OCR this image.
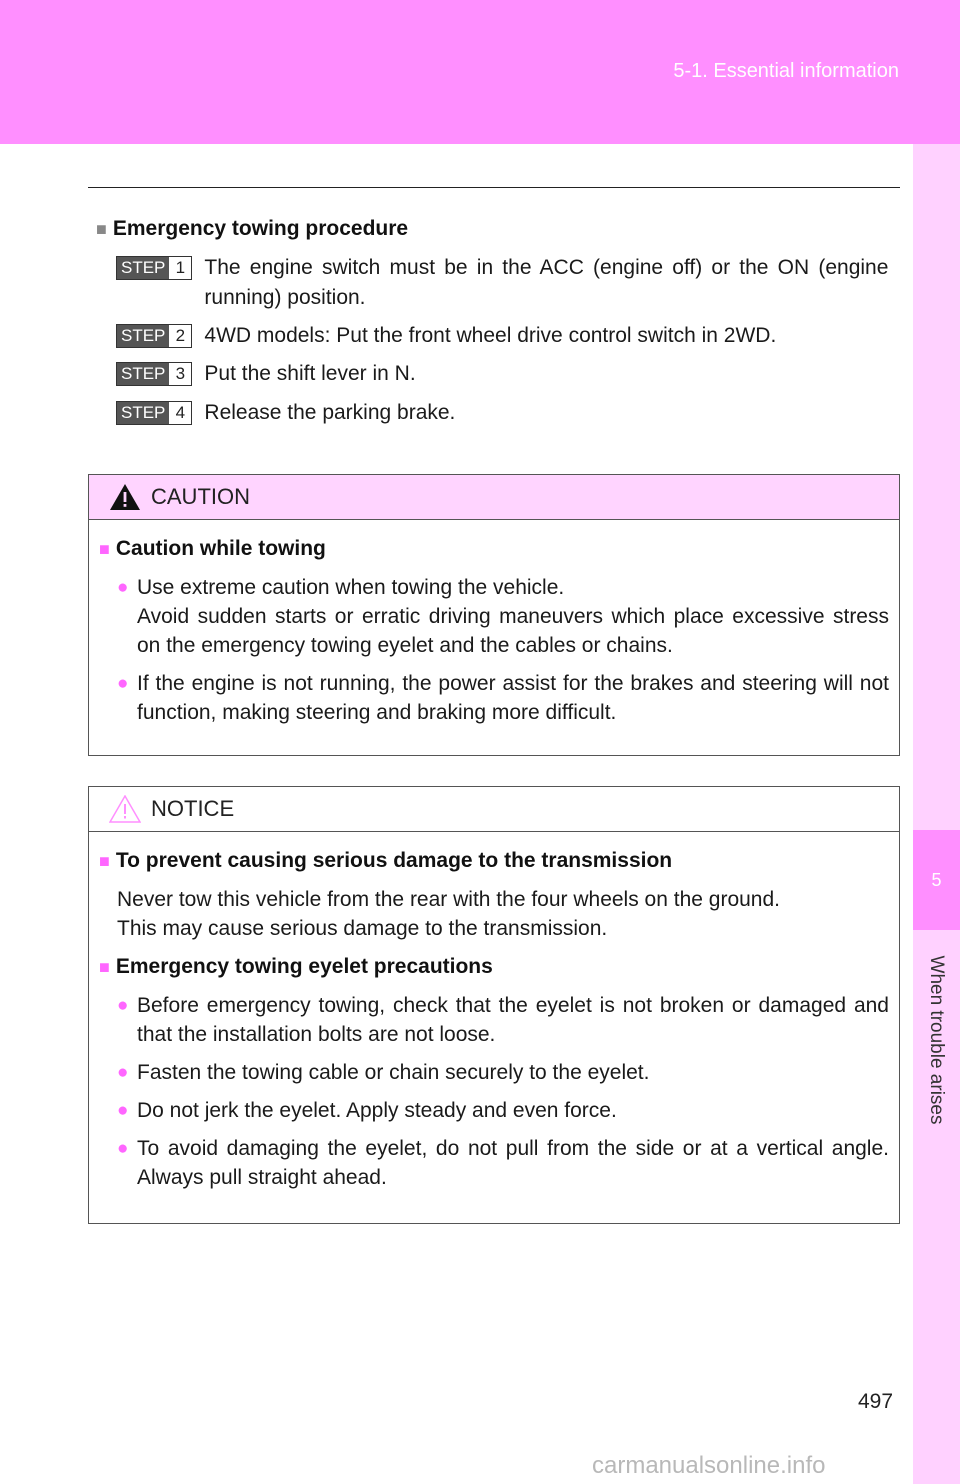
5-1. Essential information
5
When trouble arises
■ Emergency towing procedure
STEP 1 The engine switch must be in the ACC (engine off) or the ON (engine running) position.
STEP 2 4WD models: Put the front wheel drive control switch in 2WD.
STEP 3 Put the shift lever in N.
STEP 4 Release the parking brake.
CAUTION
■ Caution while towing
● Use extreme caution when towing the vehicle.
Avoid sudden starts or erratic driving maneuvers which place excessive stress on the emergency towing eyelet and the cables or chains.
● If the engine is not running, the power assist for the brakes and steering will not function, making steering and braking more difficult.
NOTICE
■ To prevent causing serious damage to the transmission
Never tow this vehicle from the rear with the four wheels on the ground.
This may cause serious damage to the transmission.
■ Emergency towing eyelet precautions
● Before emergency towing, check that the eyelet is not broken or damaged and that the installation bolts are not loose.
● Fasten the towing cable or chain securely to the eyelet.
● Do not jerk the eyelet. Apply steady and even force.
● To avoid damaging the eyelet, do not pull from the side or at a vertical angle. Always pull straight ahead.
497
carmanualsonline.info
